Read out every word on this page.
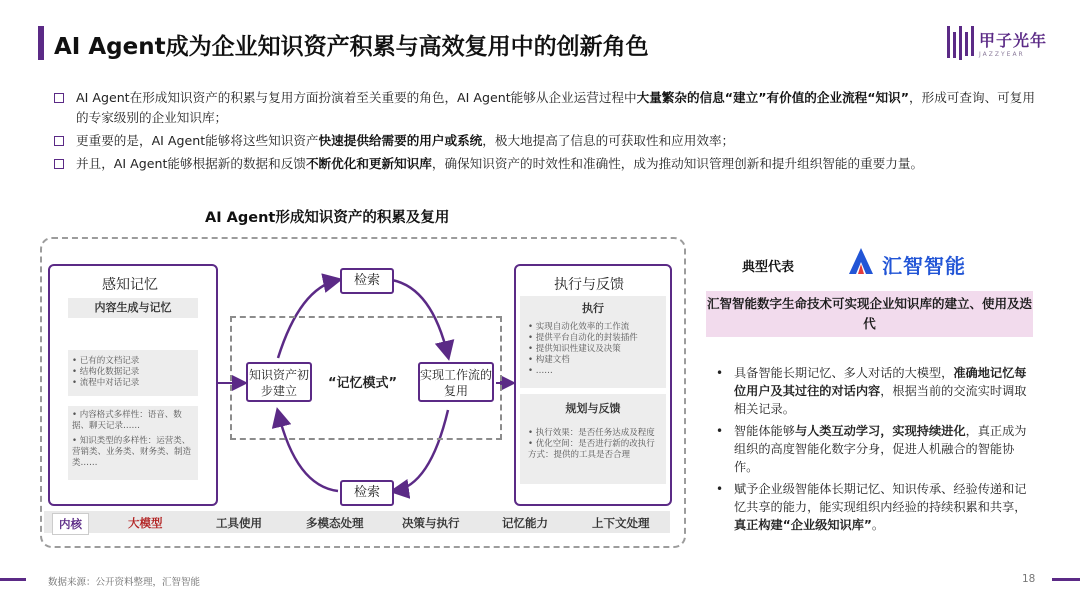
AI Agent成为企业知识资产积累与高效复用中的创新角色	甲子光年
JAZZYEAR
AI Agent在形成知识资产的积累与复用方面扮演着至关重要的角色，AI Agent能够从企业运营过程中大量繁杂的信息“建立”有价值的企业流程“知识”，形成可查询、可复用的专家级别的企业知识库；
更重要的是，AI Agent能够将这些知识资产快速提供给需要的用户或系统，极大地提高了信息的可获取性和应用效率；
并且，AI Agent能够根据新的数据和反馈不断优化和更新知识库，确保知识资产的时效性和准确性，成为推动知识管理创新和提升组织智能的重要力量。
AI Agent形成知识资产的积累及复用
感知记忆
内容生成与记忆
• 已有的文档记录
• 结构化数据记录
• 流程中对话记录
• 内容格式多样性：语音、数据、聊天记录……
• 知识类型的多样性：运营类、营销类、业务类、财务类、制造类……
检索
检索
知识资产初步建立	“记忆模式”
实现工作流的复用
执行与反馈
执行
• 实现自动化效率的工作流
• 提供平台自动化的封装插件
• 提供知识性建议及决策
• 构建文档
• ……
规划与反馈
• 执行效果：是否任务达成及程度
• 优化空间：是否进行新的改执行方式：提供的工具是否合理
内核	大模型	工具使用	多模态处理	决策与执行	记忆能力	上下文处理
典型代表	汇智智能
汇智智能数字生命技术可实现企业知识库的建立、使用及迭代
• 具备智能长期记忆、多人对话的大模型，准确地记忆每位用户及其过往的对话内容，根据当前的交流实时调取相关记录。
• 智能体能够与人类互动学习，实现持续进化，真正成为组织的高度智能化数字分身，促进人机融合的智能协作。
• 赋予企业级智能体长期记忆、知识传承、经验传递和记忆共享的能力，能实现组织内经验的持续积累和共享，真正构建“企业级知识库”。
数据来源：公开资料整理，汇智智能	18
